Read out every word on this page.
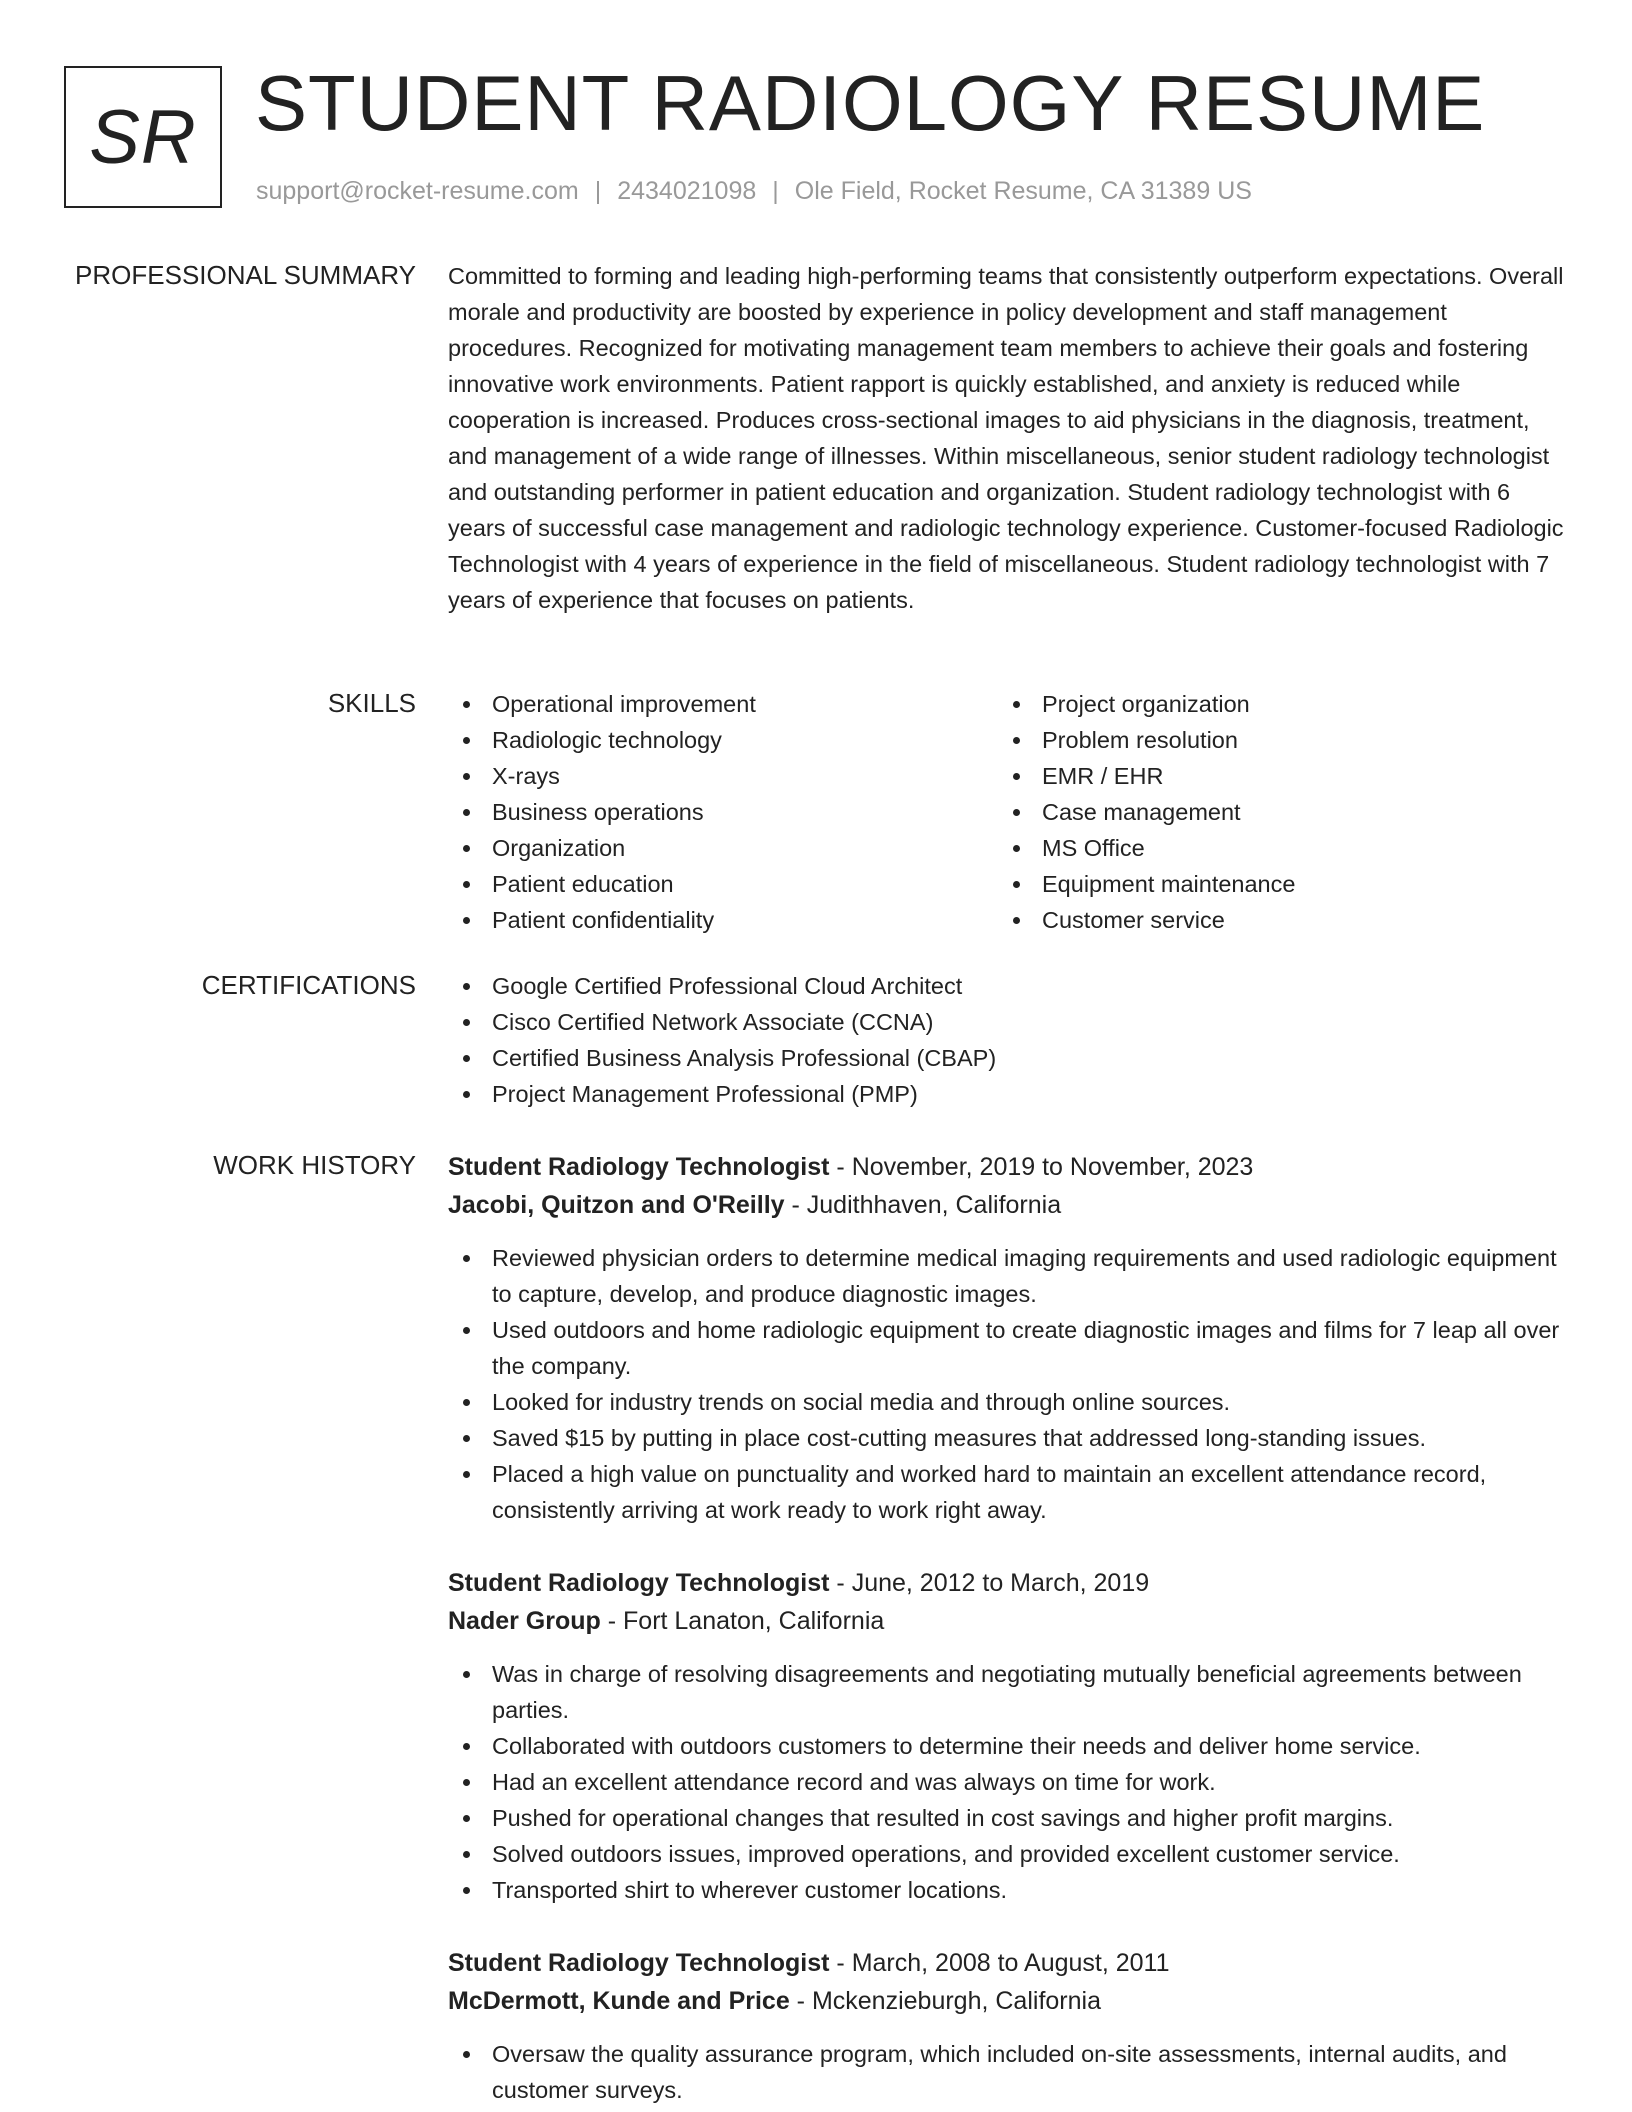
SR STUDENT RADIOLOGY RESUME
support@rocket-resume.com | 2434021098 | Ole Field, Rocket Resume, CA 31389 US
PROFESSIONAL SUMMARY Committed to forming and leading high-performing teams that consistently outperform expectations. Overall morale and productivity are boosted by experience in policy development and staff management procedures. Recognized for motivating management team members to achieve their goals and fostering innovative work environments. Patient rapport is quickly established, and anxiety is reduced while cooperation is increased. Produces cross-sectional images to aid physicians in the diagnosis, treatment, and management of a wide range of illnesses. Within miscellaneous, senior student radiology technologist and outstanding performer in patient education and organization. Student radiology technologist with 6 years of successful case management and radiologic technology experience. Customer-focused Radiologic Technologist with 4 years of experience in the field of miscellaneous. Student radiology technologist with 7 years of experience that focuses on patients.

SKILLS	Operational improvement
Radiologic technology
X-rays
Business operations
Organization
Patient education
Patient confidentiality
Project organization
Problem resolution
EMR / EHR
Case management
MS Office
Equipment maintenance
Customer service
CERTIFICATIONS	Google Certified Professional Cloud Architect
Cisco Certified Network Associate (CCNA)
Certified Business Analysis Professional (CBAP)
Project Management Professional (PMP)
WORK HISTORY Student Radiology Technologist - November, 2019 to November, 2023
Jacobi, Quitzon and O'Reilly - Judithhaven, California
Reviewed physician orders to determine medical imaging requirements and used radiologic equipment to capture, develop, and produce diagnostic images.
Used outdoors and home radiologic equipment to create diagnostic images and films for 7 leap all over the company.
Looked for industry trends on social media and through online sources.
Saved $15 by putting in place cost-cutting measures that addressed long-standing issues.
Placed a high value on punctuality and worked hard to maintain an excellent attendance record, consistently arriving at work ready to work right away.
Student Radiology Technologist - June, 2012 to March, 2019
Nader Group - Fort Lanaton, California
Was in charge of resolving disagreements and negotiating mutually beneficial agreements between parties.
Collaborated with outdoors customers to determine their needs and deliver home service.
Had an excellent attendance record and was always on time for work.
Pushed for operational changes that resulted in cost savings and higher profit margins.
Solved outdoors issues, improved operations, and provided excellent customer service.
Transported shirt to wherever customer locations.
Student Radiology Technologist - March, 2008 to August, 2011
McDermott, Kunde and Price - Mckenzieburgh, California
Oversaw the quality assurance program, which included on-site assessments, internal audits, and customer surveys.
